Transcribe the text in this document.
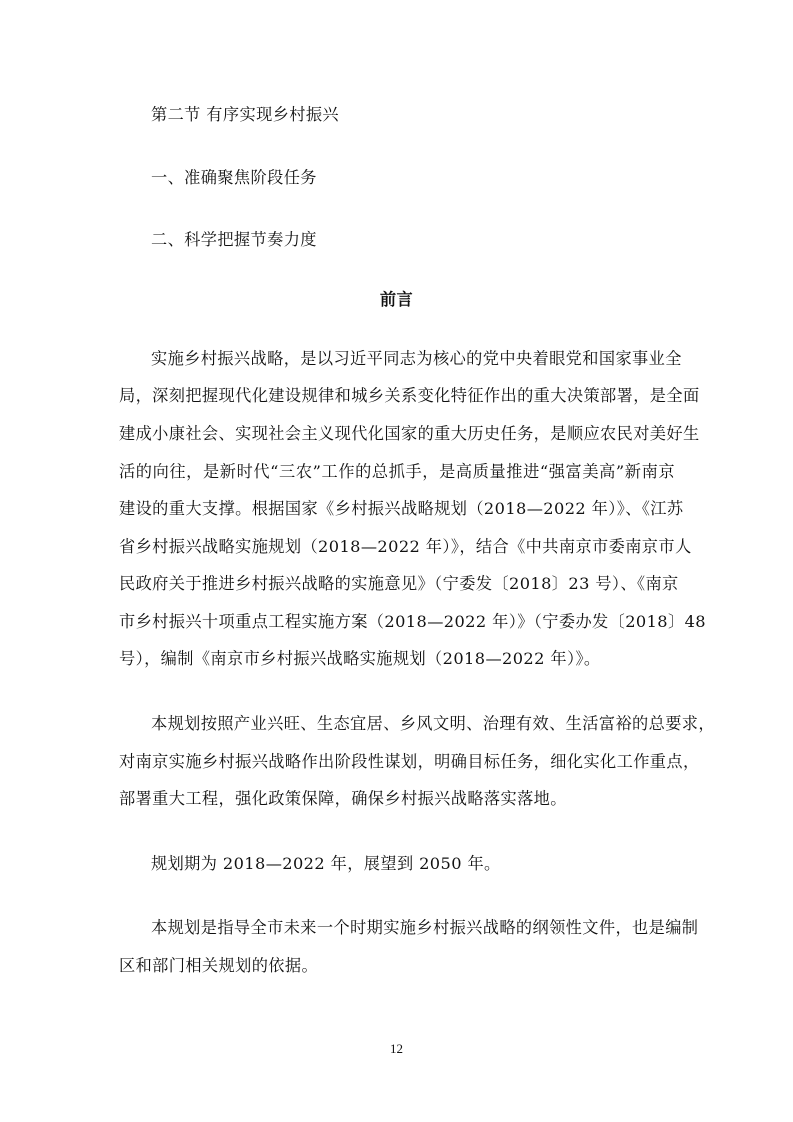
第二节 有序实现乡村振兴
一、准确聚焦阶段任务
二、科学把握节奏力度
前言
实施乡村振兴战略，是以习近平同志为核心的党中央着眼党和国家事业全
局，深刻把握现代化建设规律和城乡关系变化特征作出的重大决策部署，是全面
建成小康社会、实现社会主义现代化国家的重大历史任务，是顺应农民对美好生
活的向往，是新时代“三农”工作的总抓手，是高质量推进“强富美高”新南京
建设的重大支撑。根据国家《乡村振兴战略规划（2018—2022 年）》、《江苏
省乡村振兴战略实施规划（2018—2022 年）》，结合《中共南京市委南京市人
民政府关于推进乡村振兴战略的实施意见》（宁委发〔2018〕23 号）、《南京
市乡村振兴十项重点工程实施方案（2018—2022 年）》（宁委办发〔2018〕48
号），编制《南京市乡村振兴战略实施规划（2018—2022 年）》。
本规划按照产业兴旺、生态宜居、乡风文明、治理有效、生活富裕的总要求，
对南京实施乡村振兴战略作出阶段性谋划，明确目标任务，细化实化工作重点，
部署重大工程，强化政策保障，确保乡村振兴战略落实落地。
规划期为 2018—2022 年，展望到 2050 年。
本规划是指导全市未来一个时期实施乡村振兴战略的纲领性文件，也是编制
区和部门相关规划的依据。
12
